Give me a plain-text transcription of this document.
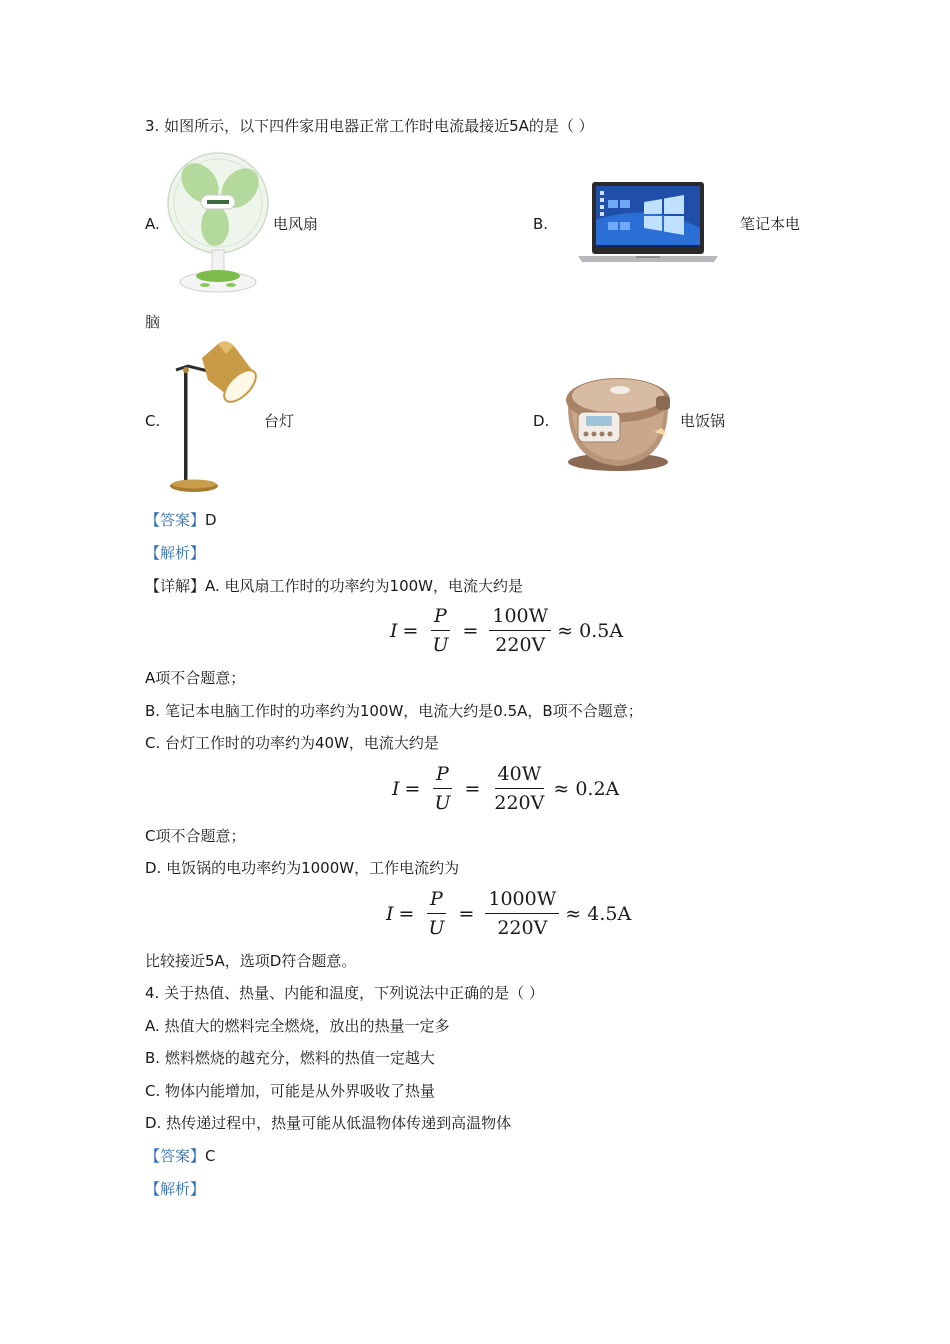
3. 如图所示，以下四件家用电器正常工作时电流最接近5A的是（ ）
A.	电风扇	B.	笔记本电
脑
C.	台灯	D.	电饭锅
【答案】D
【解析】
【详解】A. 电风扇工作时的功率约为100W，电流大约是
$I = \frac{P}{U} = \frac{100W}{220V} \approx 0.5A$
A项不合题意；
B. 笔记本电脑工作时的功率约为100W，电流大约是0.5A，B项不合题意；
C. 台灯工作时的功率约为40W，电流大约是
$I = \frac{P}{U} = \frac{40W}{220V} \approx 0.2A$
C项不合题意；
D. 电饭锅的电功率约为1000W，工作电流约为
$I = \frac{P}{U} = \frac{1000W}{220V} \approx 4.5A$
比较接近5A，选项D符合题意。
4. 关于热值、热量、内能和温度，下列说法中正确的是（ ）
A. 热值大的燃料完全燃烧，放出的热量一定多
B. 燃料燃烧的越充分，燃料的热值一定越大
C. 物体内能增加，可能是从外界吸收了热量
D. 热传递过程中，热量可能从低温物体传递到高温物体
【答案】C
【解析】
